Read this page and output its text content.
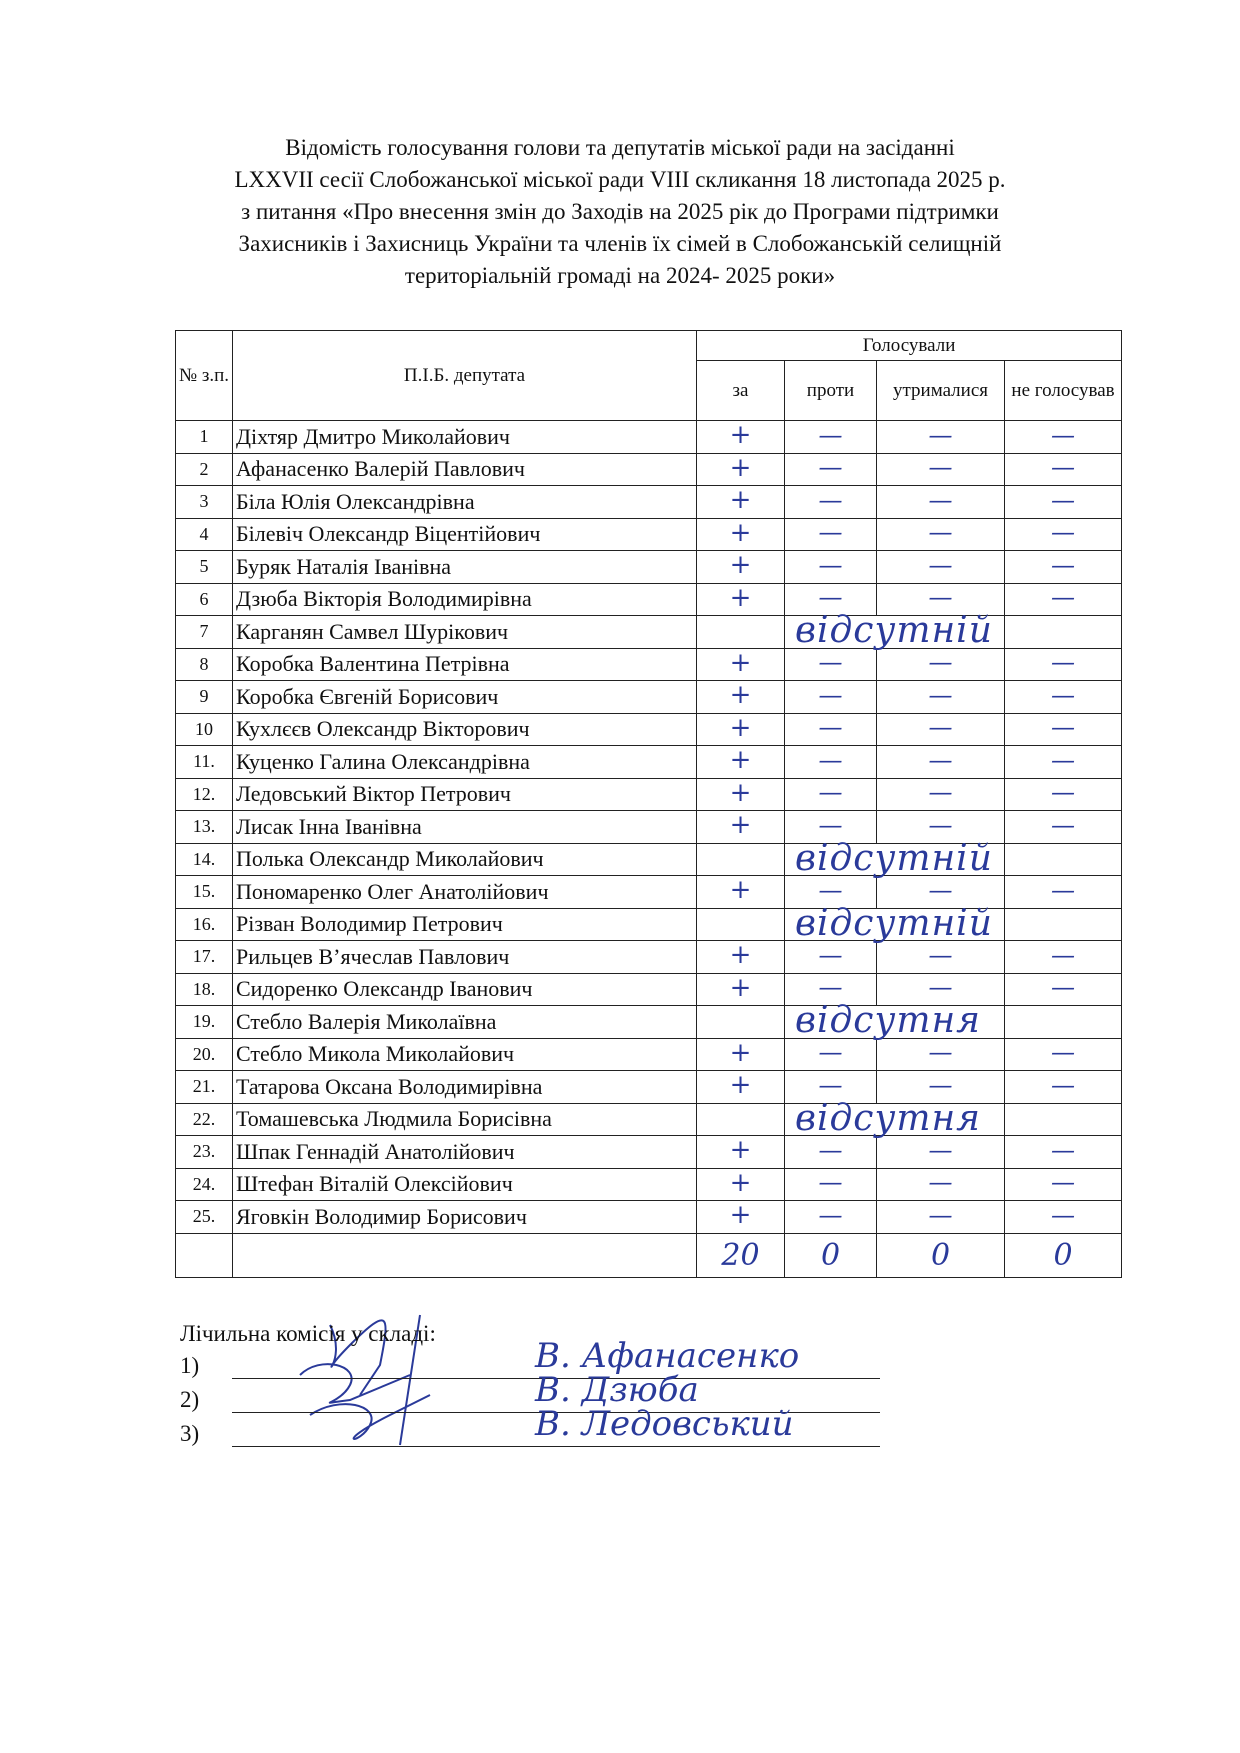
Відомість голосування голови та депутатів міської ради на засіданні
LXXVII сесії Слобожанської міської ради VIII скликання 18 листопада 2025 р.
з питання «Про внесення змін до Заходів на 2025 рік до Програми підтримки
Захисників і Захисниць України та членів їх сімей в Слобожанській селищній
територіальній громаді на 2024- 2025 роки»
№ з.п.	П.І.Б. депутата	Голосували			
		за	проти	утрималися	не голосував
1	Діхтяр Дмитро Миколайович	+	—	—	—
2	Афанасенко Валерій Павлович	+	—	—	—
3	Біла Юлія Олександрівна	+	—	—	—
4	Білевіч Олександр Віцентійович	+	—	—	—
5	Буряк Наталія Іванівна	+	—	—	—
6	Дзюба Вікторія Володимирівна	+	—	—	—
7	Карганян Самвел Шурікович		відсутній		

8	Коробка Валентина Петрівна	+	—	—	—
9	Коробка Євгеній Борисович	+	—	—	—
10	Кухлєєв Олександр Вікторович	+	—	—	—
11.	Куценко Галина Олександрівна	+	—	—	—
12.	Ледовський Віктор Петрович	+	—	—	—
13.	Лисак Інна Іванівна	+	—	—	—
14.	Полька Олександр Миколайович		відсутній		

15.	Пономаренко Олег Анатолійович	+	—	—	—
16.	Різван Володимир Петрович		відсутній		

17.	Рильцев В’ячеслав Павлович	+	—	—	—
18.	Сидоренко Олександр Іванович	+	—	—	—
19.	Стебло Валерія Миколаївна		відсутня		

20.	Стебло Микола Миколайович	+	—	—	—
21.	Татарова Оксана Володимирівна	+	—	—	—
22.	Томашевська Людмила Борисівна		відсутня		

23.	Шпак Геннадій Анатолійович	+	—	—	—
24.	Штефан Віталій Олексійович	+	—	—	—
25.	Яговкін Володимир Борисович	+	—	—	—
		20	0	0	0
Лічильна комісія у складі:
1)	В. Афанасенко
2)	В. Дзюба
3)	В. Ледовський
